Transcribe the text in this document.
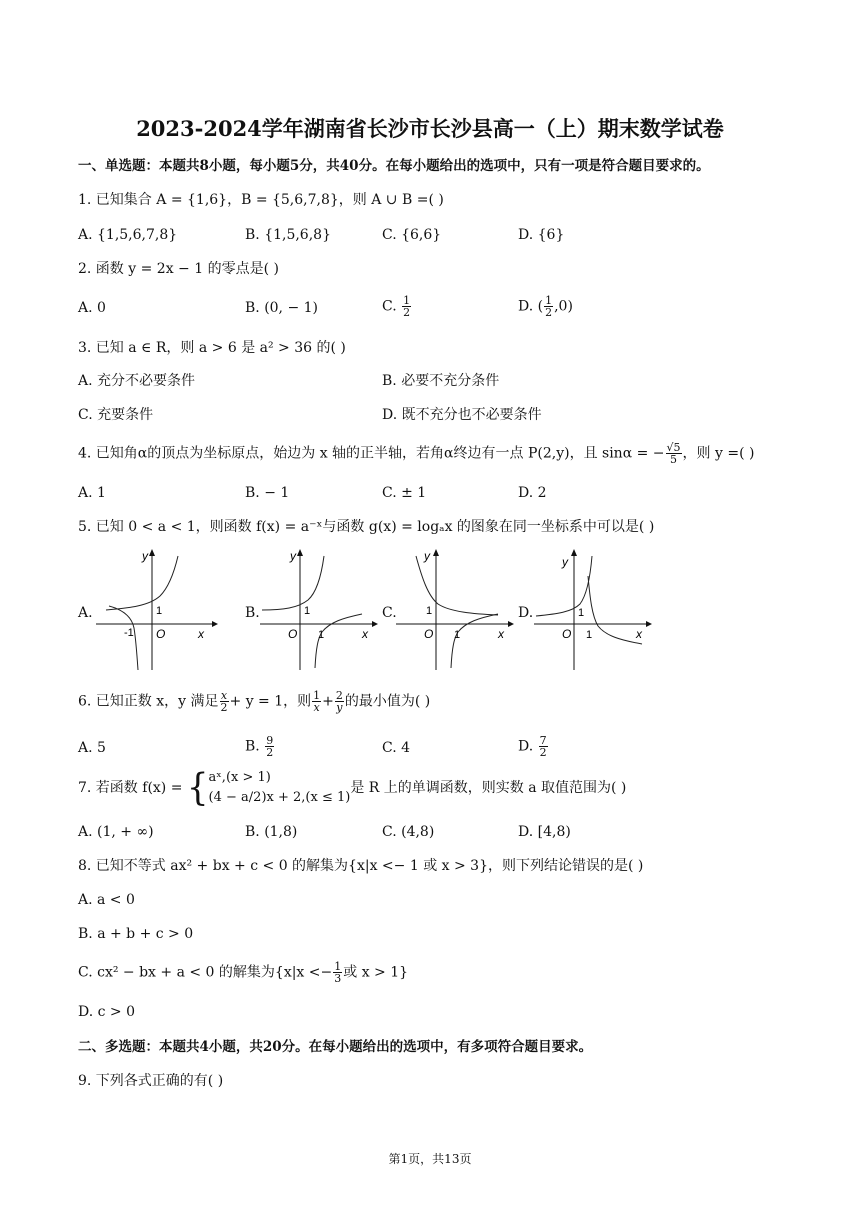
2023-2024学年湖南省长沙市长沙县高一（上）期末数学试卷
一、单选题：本题共8小题，每小题5分，共40分。在每小题给出的选项中，只有一项是符合题目要求的。
1. 已知集合 A = {1,6}，B = {5,6,7,8}，则 A ∪ B =( )
A. {1,5,6,7,8}	B. {1,5,6,8}	C. {6,6}	D. {6}
2. 函数 y = 2x − 1 的零点是( )
A. 0	B. (0, − 1)	C. $\frac{1}{2}$	D. ( $\frac{1}{2} ,0$)
3. 已知 a ∈ R，则 a > 6 是 a² > 36 的( )
A. 充分不必要条件	B. 必要不充分条件
C. 充要条件	D. 既不充分也不必要条件
4. 已知角α的顶点为坐标原点，始边为 x 轴的正半轴，若角α终边有一点 P(2,y)，且 sinα = − $\frac{√5}{5}$ ，则 y =( )
A. 1	B. − 1	C. ± 1	D. 2
5. 已知 0 < a < 1，则函数 f(x) = a⁻ˣ与函数 g(x) = logₐx 的图象在同一坐标系中可以是( )
A.	B.	C.	D.
y
x
O
1
-1
y
x
O
1
1
y
x
O
1
1
y
x
O
1
1
6. 已知正数 x，y 满足 $\frac{x}{2} + y = 1$，则 $\frac{1}{x} + \frac{2}{y}$ 的最小值为( )
A. 5	B. $\frac{9}{2}$	C. 4	D. $\frac{7}{2}$
7. 若函数 f(x) = { aˣ,(x > 1)
(4 − a/2)x + 2,(x ≤ 1)
是 R 上的单调函数，则实数 a 取值范围为( )
A. (1, + ∞)	B. (1,8)	C. (4,8)	D. [4,8)
8. 已知不等式 ax² + bx + c < 0 的解集为{x|x <− 1 或 x > 3}，则下列结论错误的是( )
A. a < 0
B. a + b + c > 0
C. cx² − bx + a < 0 的解集为{$x|x <- \frac{1}{3}$ 或 x > 1}
D. c > 0
二、多选题：本题共4小题，共20分。在每小题给出的选项中，有多项符合题目要求。
9. 下列各式正确的有( )
第1页，共13页
